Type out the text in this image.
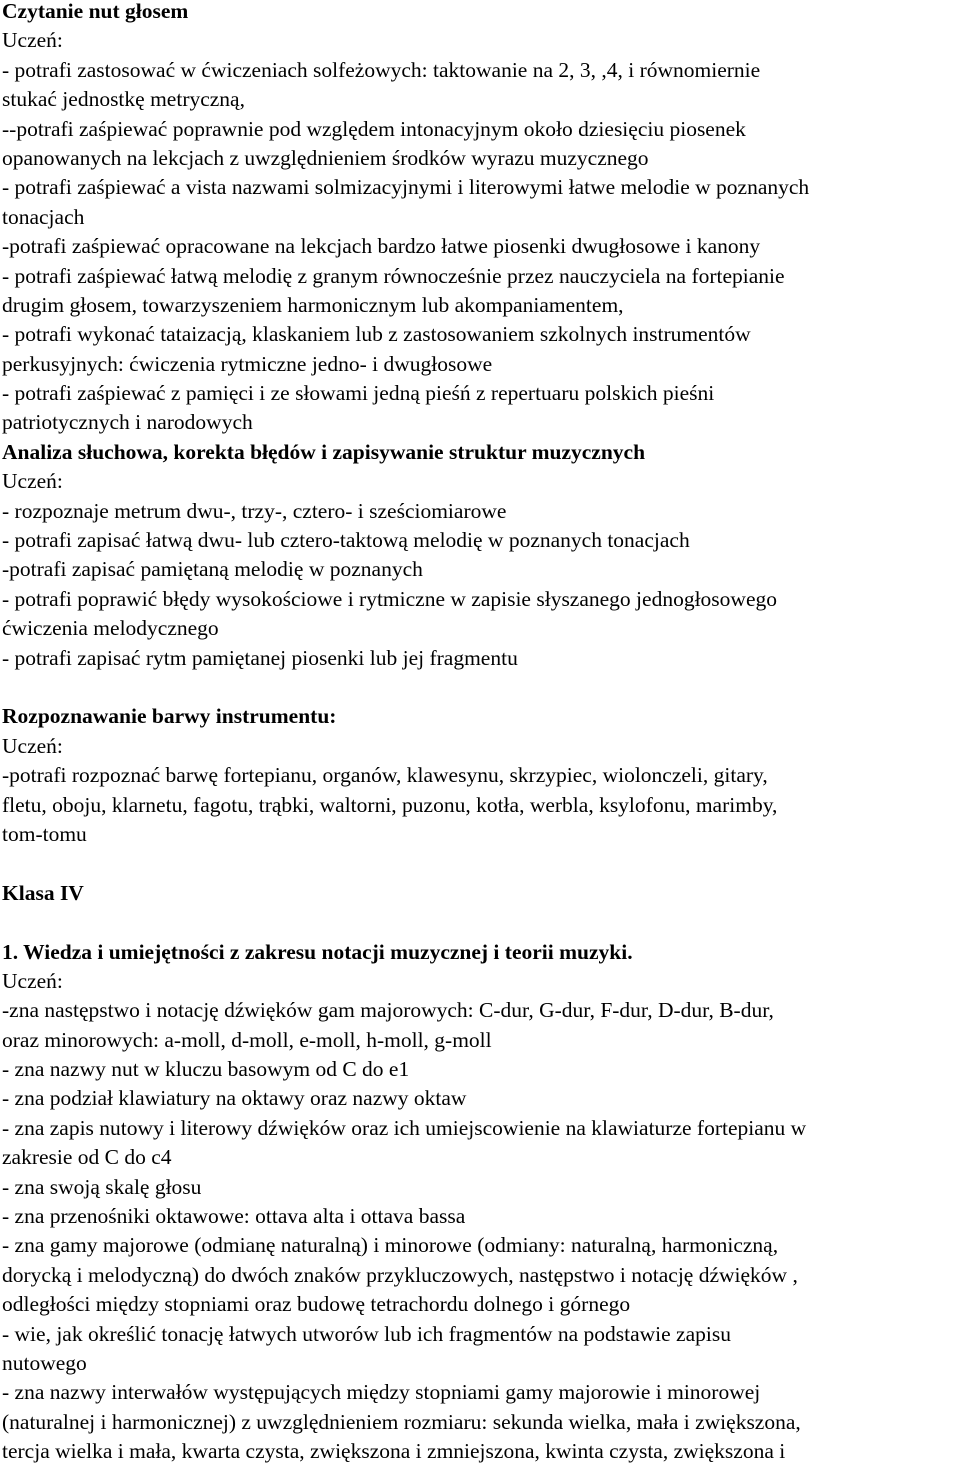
Czytanie nut głosem
Uczeń:
- potrafi zastosować w ćwiczeniach solfeżowych: taktowanie na 2, 3, ,4, i równomiernie
stukać jednostkę metryczną,
--potrafi zaśpiewać poprawnie pod względem intonacyjnym około dziesięciu piosenek
opanowanych na lekcjach z uwzględnieniem środków wyrazu muzycznego
- potrafi zaśpiewać a vista nazwami solmizacyjnymi i literowymi łatwe melodie w poznanych
tonacjach
-potrafi zaśpiewać opracowane na lekcjach bardzo łatwe piosenki dwugłosowe i kanony
- potrafi zaśpiewać łatwą melodię z granym równocześnie przez nauczyciela na fortepianie
drugim głosem, towarzyszeniem harmonicznym lub akompaniamentem,
- potrafi wykonać tataizacją, klaskaniem lub z zastosowaniem szkolnych instrumentów
perkusyjnych: ćwiczenia rytmiczne jedno- i dwugłosowe
- potrafi zaśpiewać z pamięci i ze słowami jedną pieśń z repertuaru polskich pieśni
patriotycznych i narodowych
Analiza słuchowa, korekta błędów i zapisywanie struktur muzycznych
Uczeń:
- rozpoznaje metrum dwu-, trzy-, cztero- i sześciomiarowe
- potrafi zapisać łatwą dwu- lub cztero-taktową melodię w poznanych tonacjach
-potrafi zapisać pamiętaną melodię w poznanych
- potrafi poprawić błędy wysokościowe i rytmiczne w zapisie słyszanego jednogłosowego
ćwiczenia melodycznego
- potrafi zapisać rytm pamiętanej piosenki lub jej fragmentu
Rozpoznawanie barwy instrumentu:
Uczeń:
-potrafi rozpoznać barwę fortepianu, organów, klawesynu, skrzypiec, wiolonczeli, gitary,
fletu, oboju, klarnetu, fagotu, trąbki, waltorni, puzonu, kotła, werbla, ksylofonu, marimby,
tom-tomu
Klasa IV
1. Wiedza i umiejętności z zakresu notacji muzycznej i teorii muzyki.
Uczeń:
-zna następstwo i notację dźwięków gam majorowych: C-dur, G-dur, F-dur, D-dur, B-dur,
oraz minorowych: a-moll, d-moll, e-moll, h-moll, g-moll
- zna nazwy nut w kluczu basowym od C do e1
- zna podział klawiatury na oktawy oraz nazwy oktaw
- zna zapis nutowy i literowy dźwięków oraz ich umiejscowienie na klawiaturze fortepianu w
zakresie od C do c4
- zna swoją skalę głosu
- zna przenośniki oktawowe: ottava alta i ottava bassa
- zna gamy majorowe (odmianę naturalną) i minorowe (odmiany: naturalną, harmoniczną,
dorycką i melodyczną) do dwóch znaków przykluczowych, następstwo i notację dźwięków ,
odległości między stopniami oraz budowę tetrachordu dolnego i górnego
- wie, jak określić tonację łatwych utworów lub ich fragmentów na podstawie zapisu
nutowego
- zna nazwy interwałów występujących między stopniami gamy majorowie i minorowej
(naturalnej i harmonicznej) z uwzględnieniem rozmiaru: sekunda wielka, mała i zwiększona,
tercja wielka i mała, kwarta czysta, zwiększona i zmniejszona, kwinta czysta, zwiększona i
